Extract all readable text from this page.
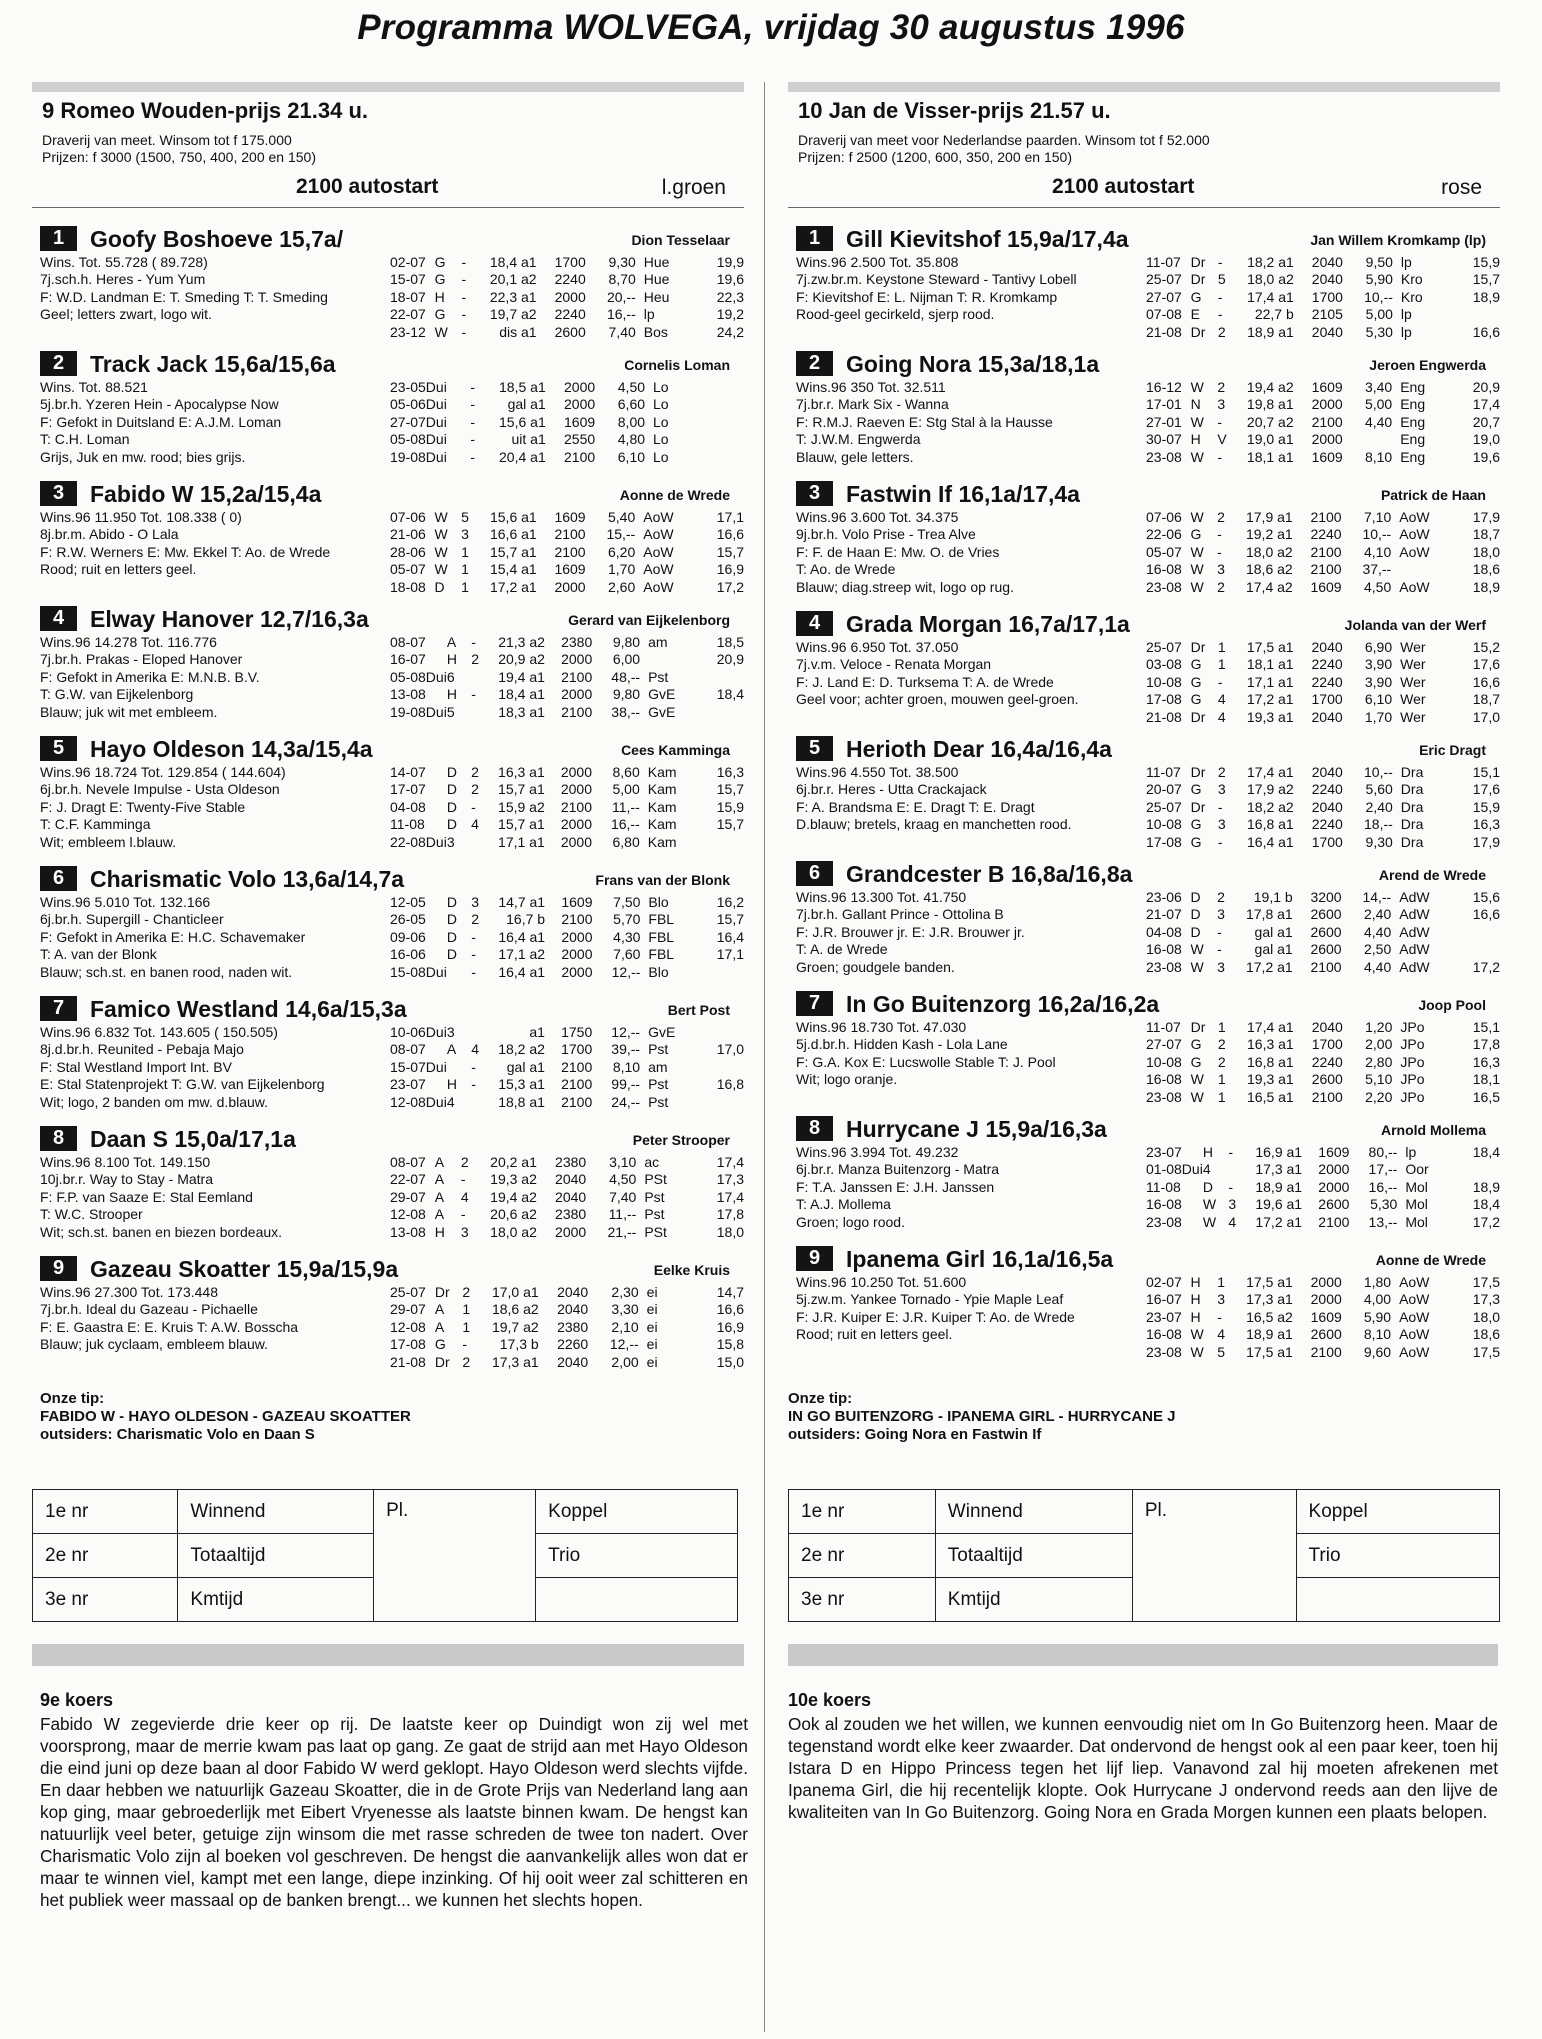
Programma WOLVEGA, vrijdag 30 augustus 1996
9 Romeo Wouden-prijs 21.34 u.
Draverij van meet. Winsom tot f 175.000
Prijzen: f 3000 (1500, 750, 400, 200 en 150)
2100 autostart	l.groen
1	Goofy Boshoeve 15,7a/	Dion Tesselaar
Wins. Tot. 55.728 ( 89.728)
7j.sch.h. Heres - Yum Yum
F: W.D. Landman E: T. Smeding T: T. Smeding
Geel; letters zwart, logo wit.
02-07	G	-	18,4 a1	1700	9,30	Hue	19,9
15-07	G	-	20,1 a2	2240	8,70	Hue	19,6
18-07	H	-	22,3 a1	2000	20,--	Heu	22,3
22-07	G	-	19,7 a2	2240	16,--	lp	19,2
23-12	W	-	dis a1	2600	7,40	Bos	24,2
2	Track Jack 15,6a/15,6a	Cornelis Loman
Wins. Tot. 88.521
5j.br.h. Yzeren Hein - Apocalypse Now
F: Gefokt in Duitsland E: A.J.M. Loman
T: C.H. Loman
Grijs, Juk en mw. rood; bies grijs.
23-05Dui		-	18,5 a1	2000	4,50	Lo	
05-06Dui		-	gal a1	2000	6,60	Lo	
27-07Dui		-	15,6 a1	1609	8,00	Lo	
05-08Dui		-	uit a1	2550	4,80	Lo	
19-08Dui		-	20,4 a1	2100	6,10	Lo	
3	Fabido W 15,2a/15,4a	Aonne de Wrede
Wins.96 11.950 Tot. 108.338 ( 0)
8j.br.m. Abido - O Lala
F: R.W. Werners E: Mw. Ekkel T: Ao. de Wrede
Rood; ruit en letters geel.
07-06	W	5	15,6 a1	1609	5,40	AoW	17,1
21-06	W	3	16,6 a1	2100	15,--	AoW	16,6
28-06	W	1	15,7 a1	2100	6,20	AoW	15,7
05-07	W	1	15,4 a1	1609	1,70	AoW	16,9
18-08	D	1	17,2 a1	2000	2,60	AoW	17,2
4	Elway Hanover 12,7/16,3a	Gerard van Eijkelenborg
Wins.96 14.278 Tot. 116.776
7j.br.h. Prakas - Eloped Hanover
F: Gefokt in Amerika E: M.N.B. B.V.
T: G.W. van Eijkelenborg
Blauw; juk wit met embleem.
08-07	A	-	21,3 a2	2380	9,80	am	18,5
16-07	H	2	20,9 a2	2000	6,00		20,9
05-08Dui	6		19,4 a1	2100	48,--	Pst	
13-08	H	-	18,4 a1	2000	9,80	GvE	18,4
19-08Dui	5		18,3 a1	2100	38,--	GvE	
5	Hayo Oldeson 14,3a/15,4a	Cees Kamminga
Wins.96 18.724 Tot. 129.854 ( 144.604)
6j.br.h. Nevele Impulse - Usta Oldeson
F: J. Dragt E: Twenty-Five Stable
T: C.F. Kamminga
Wit; embleem l.blauw.
14-07	D	2	16,3 a1	2000	8,60	Kam	16,3
17-07	D	2	15,7 a1	2000	5,00	Kam	15,7
04-08	D	-	15,9 a2	2100	11,--	Kam	15,9
11-08	D	4	15,7 a1	2000	16,--	Kam	15,7
22-08Dui	3		17,1 a1	2000	6,80	Kam	
6	Charismatic Volo 13,6a/14,7a	Frans van der Blonk
Wins.96 5.010 Tot. 132.166
6j.br.h. Supergill - Chanticleer
F: Gefokt in Amerika E: H.C. Schavemaker
T: A. van der Blonk
Blauw; sch.st. en banen rood, naden wit.
12-05	D	3	14,7 a1	1609	7,50	Blo	16,2
26-05	D	2	16,7 b	2100	5,70	FBL	15,7
09-06	D	-	16,4 a1	2000	4,30	FBL	16,4
16-06	D	-	17,1 a2	2000	7,60	FBL	17,1
15-08Dui		-	16,4 a1	2000	12,--	Blo	
7	Famico Westland 14,6a/15,3a	Bert Post
Wins.96 6.832 Tot. 143.605 ( 150.505)
8j.d.br.h. Reunited - Pebaja Majo
F: Stal Westland Import Int. BV
E: Stal Statenprojekt T: G.W. van Eijkelenborg
Wit; logo, 2 banden om mw. d.blauw.
10-06Dui	3		a1	1750	12,--	GvE	
08-07	A	4	18,2 a2	1700	39,--	Pst	17,0
15-07Dui		-	gal a1	2100	8,10	am	
23-07	H	-	15,3 a1	2100	99,--	Pst	16,8
12-08Dui	4		18,8 a1	2100	24,--	Pst	
8	Daan S 15,0a/17,1a	Peter Strooper
Wins.96 8.100 Tot. 149.150
10j.br.r. Way to Stay - Matra
F: F.P. van Saaze E: Stal Eemland
T: W.C. Strooper
Wit; sch.st. banen en biezen bordeaux.
08-07	A	2	20,2 a1	2380	3,10	ac	17,4
22-07	A	-	19,3 a2	2040	4,50	PSt	17,3
29-07	A	4	19,4 a2	2040	7,40	Pst	17,4
12-08	A	-	20,6 a2	2380	11,--	Pst	17,8
13-08	H	3	18,0 a2	2000	21,--	PSt	18,0
9	Gazeau Skoatter 15,9a/15,9a	Eelke Kruis
Wins.96 27.300 Tot. 173.448
7j.br.h. Ideal du Gazeau - Pichaelle
F: E. Gaastra E: E. Kruis T: A.W. Bosscha
Blauw; juk cyclaam, embleem blauw.
25-07	Dr	2	17,0 a1	2040	2,30	ei	14,7
29-07	A	1	18,6 a2	2040	3,30	ei	16,6
12-08	A	1	19,7 a2	2380	2,10	ei	16,9
17-08	G	-	17,3 b	2260	12,--	ei	15,8
21-08	Dr	2	17,3 a1	2040	2,00	ei	15,0
10 Jan de Visser-prijs 21.57 u.
Draverij van meet voor Nederlandse paarden. Winsom tot f 52.000
Prijzen: f 2500 (1200, 600, 350, 200 en 150)
2100 autostart	rose
1	Gill Kievitshof 15,9a/17,4a	Jan Willem Kromkamp (lp)
Wins.96 2.500 Tot. 35.808
7j.zw.br.m. Keystone Steward - Tantivy Lobell
F: Kievitshof E: L. Nijman T: R. Kromkamp
Rood-geel gecirkeld, sjerp rood.
11-07	Dr	-	18,2 a1	2040	9,50	lp	15,9
25-07	Dr	5	18,0 a2	2040	5,90	Kro	15,7
27-07	G	-	17,4 a1	1700	10,--	Kro	18,9
07-08	E	-	22,7 b	2105	5,00	lp	
21-08	Dr	2	18,9 a1	2040	5,30	lp	16,6
2	Going Nora 15,3a/18,1a	Jeroen Engwerda
Wins.96 350 Tot. 32.511
7j.br.r. Mark Six - Wanna
F: R.M.J. Raeven E: Stg Stal à la Hausse
T: J.W.M. Engwerda
Blauw, gele letters.
16-12	W	2	19,4 a2	1609	3,40	Eng	20,9
17-01	N	3	19,8 a1	2000	5,00	Eng	17,4
27-01	W	-	20,7 a2	2100	4,40	Eng	20,7
30-07	H	V	19,0 a1	2000		Eng	19,0
23-08	W	-	18,1 a1	1609	8,10	Eng	19,6
3	Fastwin If 16,1a/17,4a	Patrick de Haan
Wins.96 3.600 Tot. 34.375
9j.br.h. Volo Prise - Trea Alve
F: F. de Haan E: Mw. O. de Vries
T: Ao. de Wrede
Blauw; diag.streep wit, logo op rug.
07-06	W	2	17,9 a1	2100	7,10	AoW	17,9
22-06	G	-	19,2 a1	2240	10,--	AoW	18,7
05-07	W	-	18,0 a2	2100	4,10	AoW	18,0
16-08	W	3	18,6 a2	2100	37,--		18,6
23-08	W	2	17,4 a2	1609	4,50	AoW	18,9
4	Grada Morgan 16,7a/17,1a	Jolanda van der Werf
Wins.96 6.950 Tot. 37.050
7j.v.m. Veloce - Renata Morgan
F: J. Land E: D. Turksema T: A. de Wrede
Geel voor; achter groen, mouwen geel-groen.
25-07	Dr	1	17,5 a1	2040	6,90	Wer	15,2
03-08	G	1	18,1 a1	2240	3,90	Wer	17,6
10-08	G	-	17,1 a1	2240	3,90	Wer	16,6
17-08	G	4	17,2 a1	1700	6,10	Wer	18,7
21-08	Dr	4	19,3 a1	2040	1,70	Wer	17,0
5	Herioth Dear 16,4a/16,4a	Eric Dragt
Wins.96 4.550 Tot. 38.500
6j.br.r. Heres - Utta Crackajack
F: A. Brandsma E: E. Dragt T: E. Dragt
D.blauw; bretels, kraag en manchetten rood.
11-07	Dr	2	17,4 a1	2040	10,--	Dra	15,1
20-07	G	3	17,9 a2	2240	5,60	Dra	17,6
25-07	Dr	-	18,2 a2	2040	2,40	Dra	15,9
10-08	G	3	16,8 a1	2240	18,--	Dra	16,3
17-08	G	-	16,4 a1	1700	9,30	Dra	17,9
6	Grandcester B 16,8a/16,8a	Arend de Wrede
Wins.96 13.300 Tot. 41.750
7j.br.h. Gallant Prince - Ottolina B
F: J.R. Brouwer jr. E: J.R. Brouwer jr.
T: A. de Wrede
Groen; goudgele banden.
23-06	D	2	19,1 b	3200	14,--	AdW	15,6
21-07	D	3	17,8 a1	2600	2,40	AdW	16,6
04-08	D	-	gal a1	2600	4,40	AdW	
16-08	W	-	gal a1	2600	2,50	AdW	
23-08	W	3	17,2 a1	2100	4,40	AdW	17,2
7	In Go Buitenzorg 16,2a/16,2a	Joop Pool
Wins.96 18.730 Tot. 47.030
5j.d.br.h. Hidden Kash - Lola Lane
F: G.A. Kox E: Lucswolle Stable T: J. Pool
Wit; logo oranje.
11-07	Dr	1	17,4 a1	2040	1,20	JPo	15,1
27-07	G	2	16,3 a1	1700	2,00	JPo	17,8
10-08	G	2	16,8 a1	2240	2,80	JPo	16,3
16-08	W	1	19,3 a1	2600	5,10	JPo	18,1
23-08	W	1	16,5 a1	2100	2,20	JPo	16,5
8	Hurrycane J 15,9a/16,3a	Arnold Mollema
Wins.96 3.994 Tot. 49.232
6j.br.r. Manza Buitenzorg - Matra
F: T.A. Janssen E: J.H. Janssen
T: A.J. Mollema
Groen; logo rood.
23-07	H	-	16,9 a1	1609	80,--	lp	18,4
01-08Dui	4		17,3 a1	2000	17,--	Oor	
11-08	D	-	18,9 a1	2000	16,--	Mol	18,9
16-08	W	3	19,6 a1	2600	5,30	Mol	18,4
23-08	W	4	17,2 a1	2100	13,--	Mol	17,2
9	Ipanema Girl 16,1a/16,5a	Aonne de Wrede
Wins.96 10.250 Tot. 51.600
5j.zw.m. Yankee Tornado - Ypie Maple Leaf
F: J.R. Kuiper E: J.R. Kuiper T: Ao. de Wrede
Rood; ruit en letters geel.
02-07	H	1	17,5 a1	2000	1,80	AoW	17,5
16-07	H	3	17,3 a1	2000	4,00	AoW	17,3
23-07	H	-	16,5 a2	1609	5,90	AoW	18,0
16-08	W	4	18,9 a1	2600	8,10	AoW	18,6
23-08	W	5	17,5 a1	2100	9,60	AoW	17,5
Onze tip:
FABIDO W - HAYO OLDESON - GAZEAU SKOATTER
outsiders: Charismatic Volo en Daan S
1e nr	Winnend	Pl.	Koppel
2e nr	Totaaltijd		Trio
3e nr	Kmtijd		
9e koers
Fabido W zegevierde drie keer op rij. De laatste keer op Duindigt won zij wel met voorsprong, maar de merrie kwam pas laat op gang. Ze gaat de strijd aan met Hayo Oldeson die eind juni op deze baan al door Fabido W werd geklopt. Hayo Oldeson werd slechts vijfde. En daar hebben we natuurlijk Gazeau Skoatter, die in de Grote Prijs van Nederland lang aan kop ging, maar gebroederlijk met Eibert Vryenesse als laatste binnen kwam. De hengst kan natuurlijk veel beter, getuige zijn winsom die met rasse schreden de twee ton nadert. Over Charismatic Volo zijn al boeken vol geschreven. De hengst die aanvankelijk alles won dat er maar te winnen viel, kampt met een lange, diepe inzinking. Of hij ooit weer zal schitteren en het publiek weer massaal op de banken brengt... we kunnen het slechts hopen.
Onze tip:
IN GO BUITENZORG - IPANEMA GIRL - HURRYCANE J
outsiders: Going Nora en Fastwin If
1e nr	Winnend	Pl.	Koppel
2e nr	Totaaltijd		Trio
3e nr	Kmtijd		
10e koers
Ook al zouden we het willen, we kunnen eenvoudig niet om In Go Buitenzorg heen. Maar de tegenstand wordt elke keer zwaarder. Dat ondervond de hengst ook al een paar keer, toen hij Istara D en Hippo Princess tegen het lijf liep. Vanavond zal hij moeten afrekenen met Ipanema Girl, die hij recentelijk klopte. Ook Hurrycane J ondervond reeds aan den lijve de kwaliteiten van In Go Buitenzorg. Going Nora en Grada Morgen kunnen een plaats belopen.
